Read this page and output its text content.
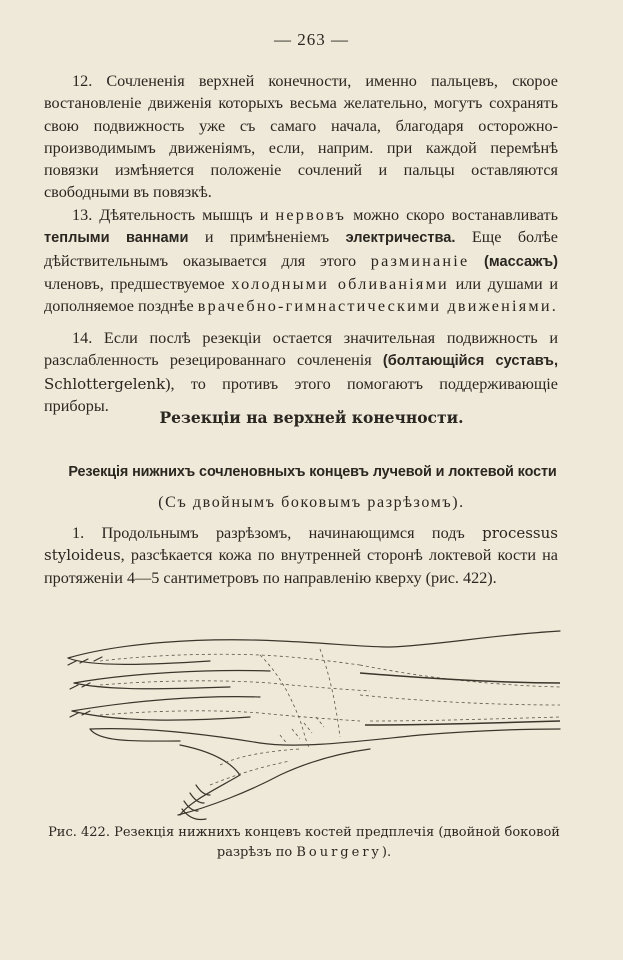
— 263 —

12. Сочлененія верхней конечности, именно пальцевъ, скорое востановленіе движенія которыхъ весьма желательно, могутъ сохранять свою подвижность уже съ самаго начала, благодаря осторожно-производимымъ движеніямъ, если, наприм. при каждой перемѣнѣ повязки измѣняется положеніе сочлений и пальцы оставляются свободными въ повязкѣ.

13. Дѣятельность мышцъ и нервовъ можно скоро востанавливать теплыми ваннами и примѣненіемъ электричества. Еще болѣе дѣйствительнымъ оказывается для этого разминаніе (массажъ) членовъ, предшествуемое холодными обливаніями или душами и дополняемое позднѣе врачебно-гимнастическими движеніями.

14. Если послѣ резекціи остается значительная подвижность и разслабленность резецированнаго сочлененія (болтающійся суставъ, Schlottergelenk), то противъ этого помогаютъ поддерживающіе приборы.

Резекціи на верхней конечности.
Резекція нижнихъ сочленовныхъ концевъ лучевой и локтевой кости
(Съ двойнымъ боковымъ разрѣзомъ).

1. Продольнымъ разрѣзомъ, начинающимся подъ processus styloideus, разсѣкается кожа по внутренней сторонѣ локтевой кости на протяженіи 4—5 сантиметровъ по направленію кверху (рис. 422).

Рис. 422. Резекція нижнихъ концевъ костей предплечія (двойной боковой
разрѣзъ по Bourgery).
